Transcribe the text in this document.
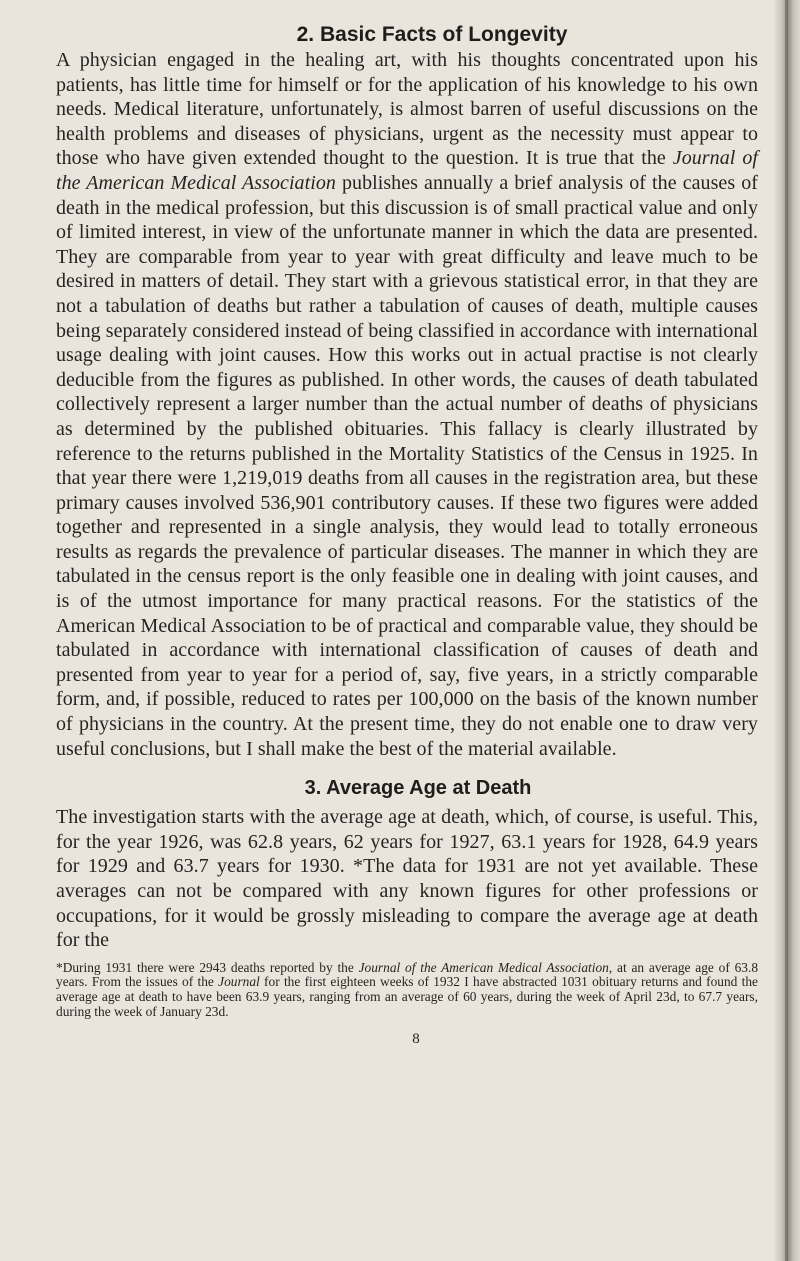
2. Basic Facts of Longevity

A physician engaged in the healing art, with his thoughts concentrated upon his patients, has little time for himself or for the application of his knowledge to his own needs. Medical literature, unfortunately, is almost barren of useful discussions on the health problems and diseases of physicians, urgent as the necessity must appear to those who have given extended thought to the question. It is true that the Journal of the American Medical Association publishes annually a brief analysis of the causes of death in the medical profession, but this discussion is of small practical value and only of limited interest, in view of the unfortunate manner in which the data are presented. They are comparable from year to year with great difficulty and leave much to be desired in matters of detail. They start with a grievous statistical error, in that they are not a tabulation of deaths but rather a tabulation of causes of death, multiple causes being separately considered instead of being classified in accordance with international usage dealing with joint causes. How this works out in actual practise is not clearly deducible from the figures as published. In other words, the causes of death tabulated collectively represent a larger number than the actual number of deaths of physicians as determined by the published obituaries. This fallacy is clearly illustrated by reference to the returns published in the Mortality Statistics of the Census in 1925. In that year there were 1,219,019 deaths from all causes in the registration area, but these primary causes involved 536,901 contributory causes. If these two figures were added together and represented in a single analysis, they would lead to totally erroneous results as regards the prevalence of particular diseases. The manner in which they are tabulated in the census report is the only feasible one in dealing with joint causes, and is of the utmost importance for many practical reasons. For the statistics of the American Medical Association to be of practical and comparable value, they should be tabulated in accordance with international classification of causes of death and presented from year to year for a period of, say, five years, in a strictly comparable form, and, if possible, reduced to rates per 100,000 on the basis of the known number of physicians in the country. At the present time, they do not enable one to draw very useful conclusions, but I shall make the best of the material available.

3. Average Age at Death

The investigation starts with the average age at death, which, of course, is useful. This, for the year 1926, was 62.8 years, 62 years for 1927, 63.1 years for 1928, 64.9 years for 1929 and 63.7 years for 1930. *The data for 1931 are not yet available. These averages can not be compared with any known figures for other professions or occupations, for it would be grossly misleading to compare the average age at death for the

*During 1931 there were 2943 deaths reported by the Journal of the American Medical Association, at an average age of 63.8 years. From the issues of the Journal for the first eighteen weeks of 1932 I have abstracted 1031 obituary returns and found the average age at death to have been 63.9 years, ranging from an average of 60 years, during the week of April 23d, to 67.7 years, during the week of January 23d.

8
